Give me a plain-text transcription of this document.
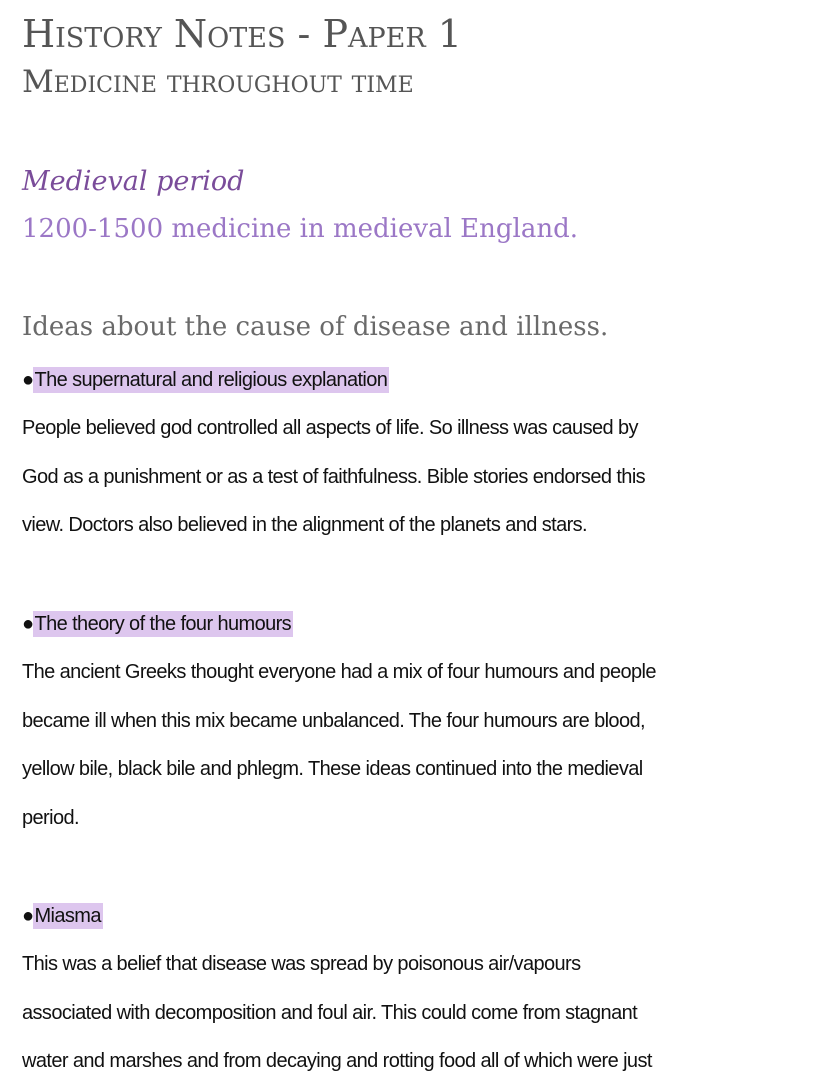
History Notes - Paper 1
Medicine throughout time
Medieval period
1200-1500 medicine in medieval England.
Ideas about the cause of disease and illness.
●The supernatural and religious explanation
People believed god controlled all aspects of life. So illness was caused by
God as a punishment or as a test of faithfulness. Bible stories endorsed this
view. Doctors also believed in the alignment of the planets and stars.
●The theory of the four humours
The ancient Greeks thought everyone had a mix of four humours and people
became ill when this mix became unbalanced. The four humours are blood,
yellow bile, black bile and phlegm. These ideas continued into the medieval
period.
●Miasma
This was a belief that disease was spread by poisonous air/vapours
associated with decomposition and foul air. This could come from stagnant
water and marshes and from decaying and rotting food all of which were just
